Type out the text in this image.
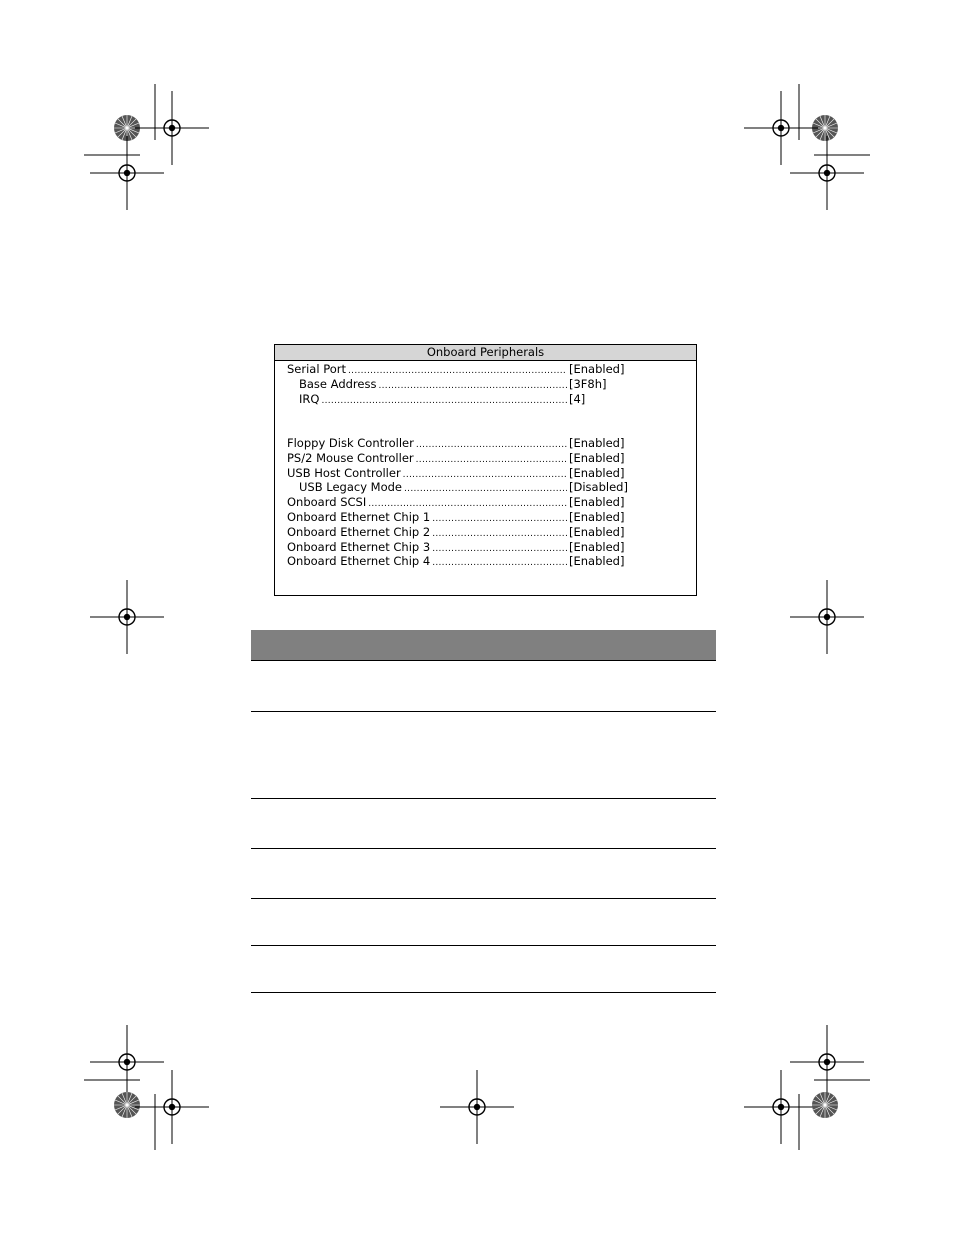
Onboard Peripherals
Serial Port .....	[Enabled]
Base Address .....	[3F8h]
IRQ .....	[4]
Floppy Disk Controller .....	[Enabled]
PS/2 Mouse Controller .....	[Enabled]
USB Host Controller .....	[Enabled]
USB Legacy Mode .....	[Disabled]
Onboard SCSI .....	[Enabled]
Onboard Ethernet Chip 1 .....	[Enabled]
Onboard Ethernet Chip 2 .....	[Enabled]
Onboard Ethernet Chip 3 .....	[Enabled]
Onboard Ethernet Chip 4 .....	[Enabled]
